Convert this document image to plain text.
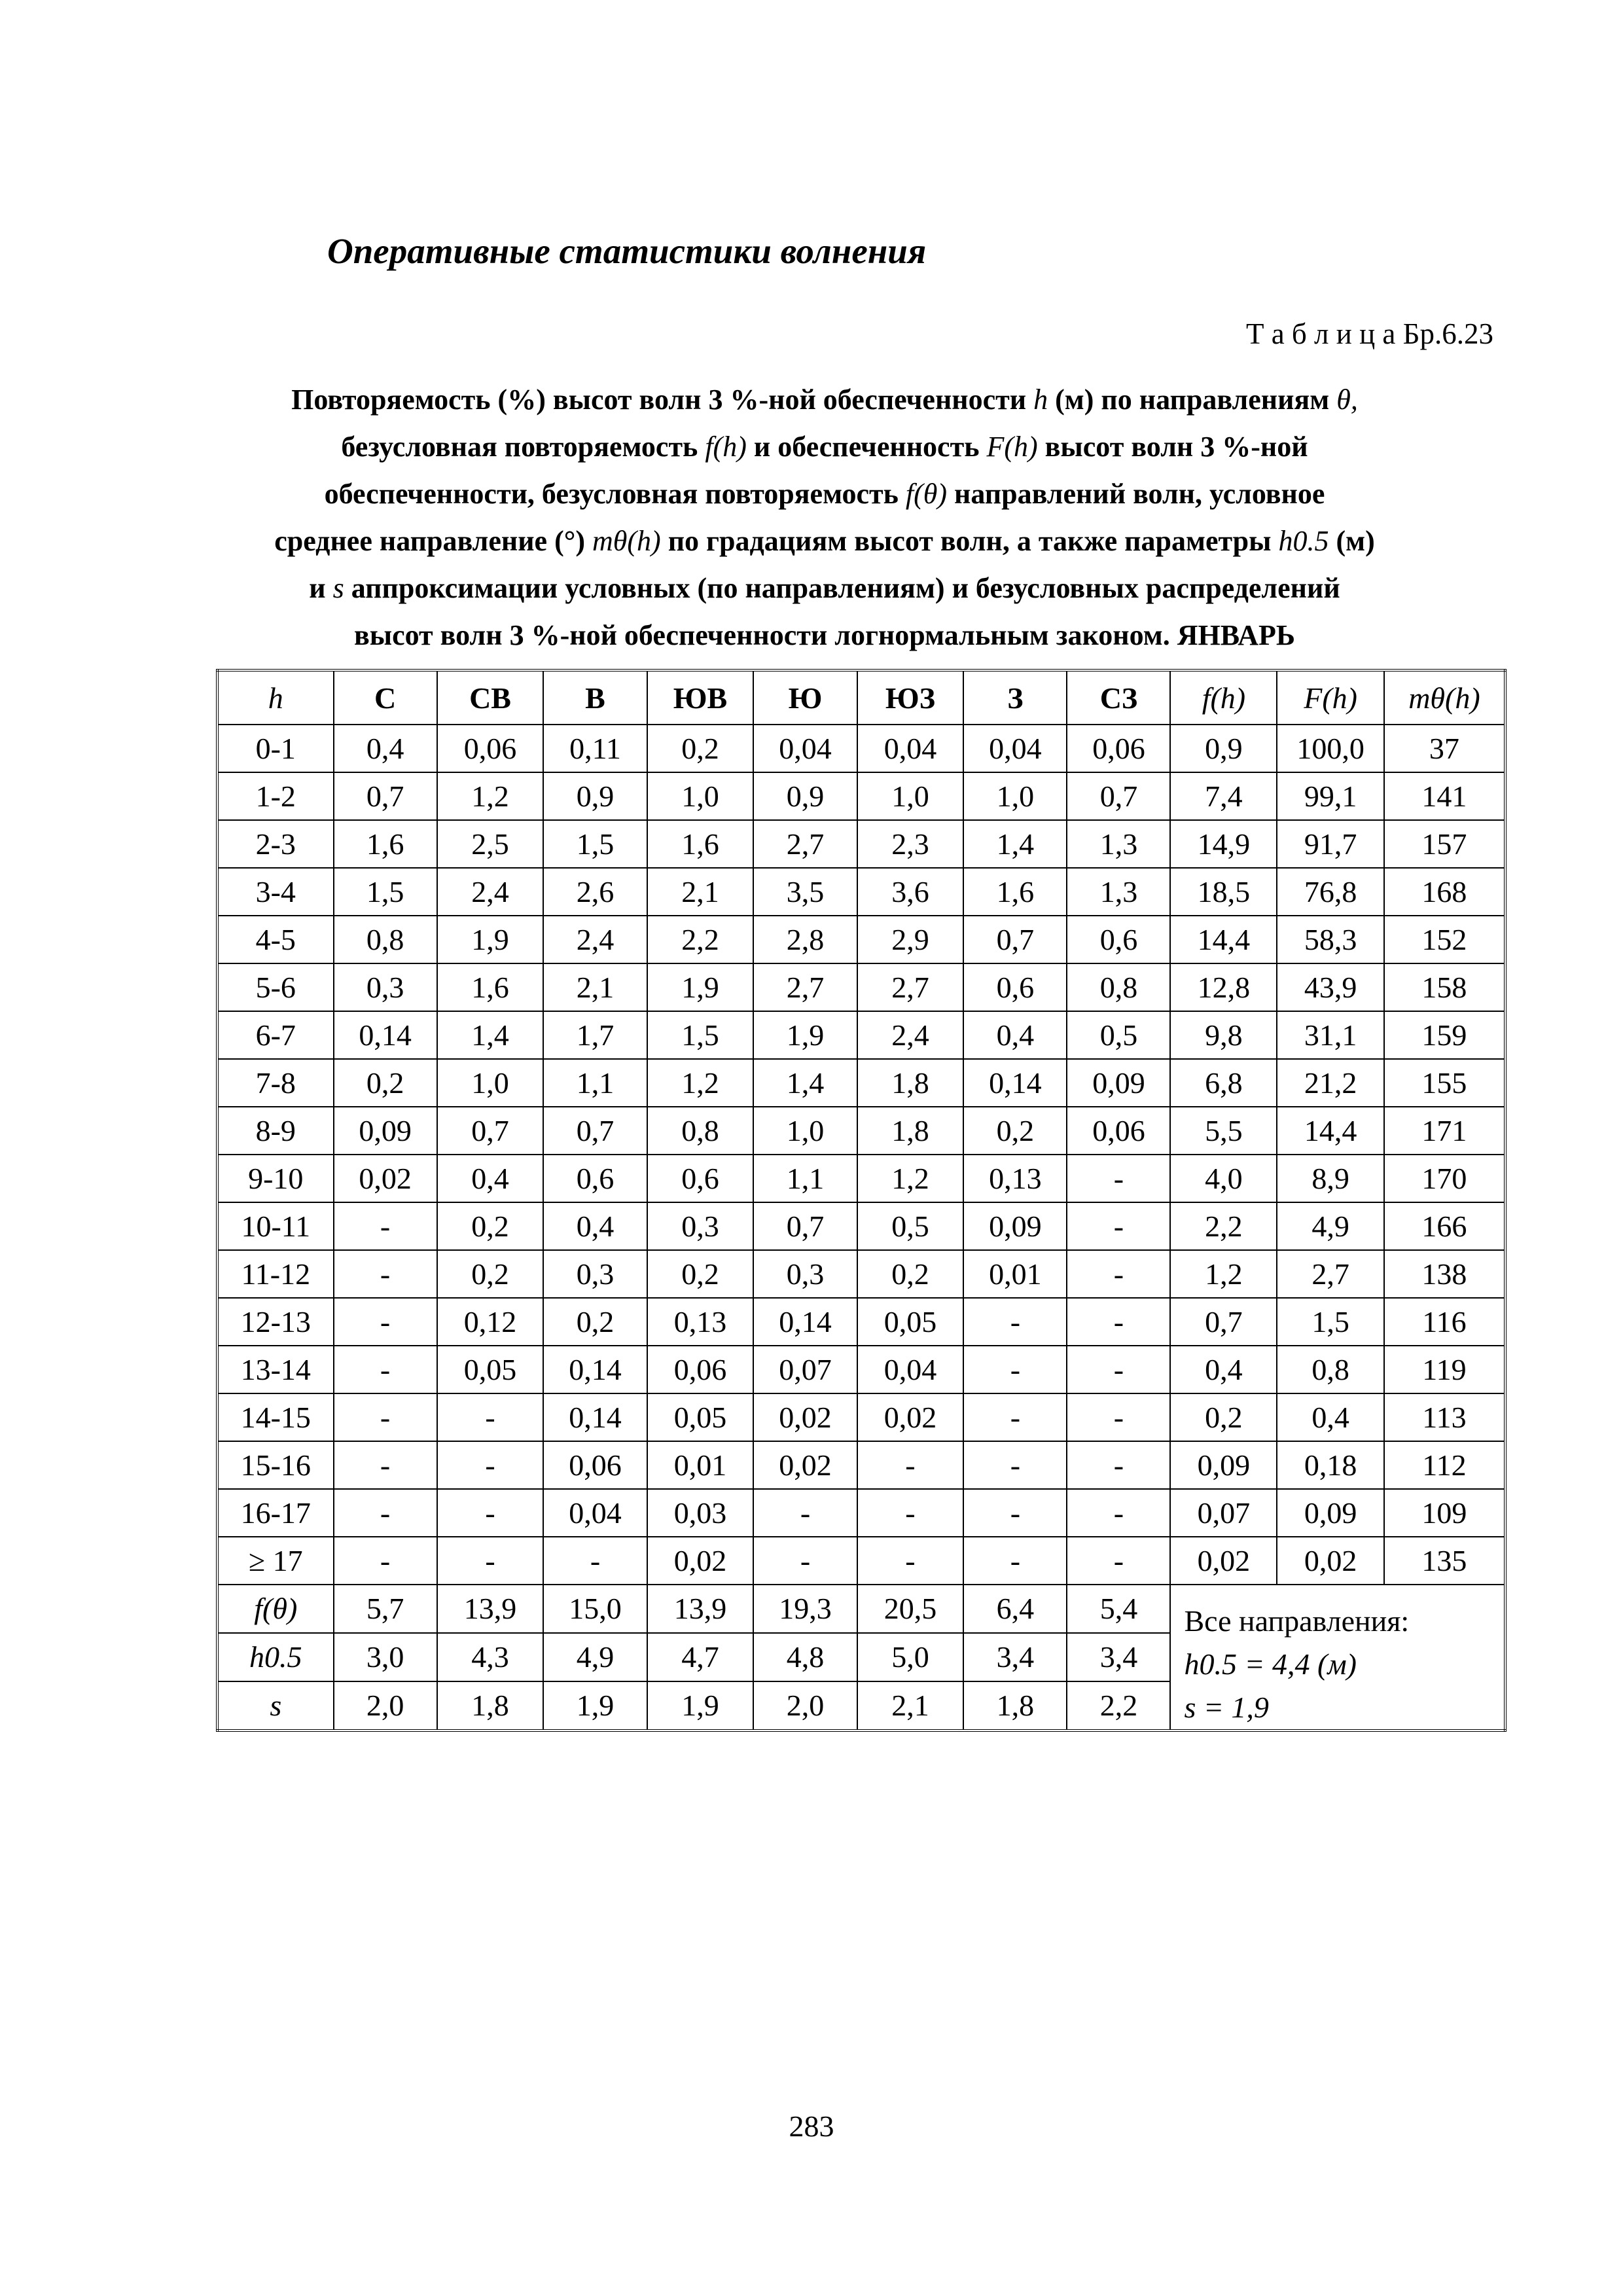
Оперативные статистики волнения
Т а б л и ц а Бр.6.23
Повторяемость (%) высот волн 3 %-ной обеспеченности h (м) по направлениям θ,
безусловная повторяемость f(h) и обеспеченность F(h) высот волн 3 %-ной
обеспеченности, безусловная повторяемость f(θ) направлений волн, условное
среднее направление (°) mθ(h) по градациям высот волн, а также параметры h0.5 (м)
и s аппроксимации условных (по направлениям) и безусловных распределений
высот волн 3 %-ной обеспеченности логнормальным законом. ЯНВАРЬ
h	С	СВ	В	ЮВ	Ю	ЮЗ	З	СЗ	f(h)	F(h)	mθ(h)
0-1	0,4	0,06	0,11	0,2	0,04	0,04	0,04	0,06	0,9	100,0	37
1-2	0,7	1,2	0,9	1,0	0,9	1,0	1,0	0,7	7,4	99,1	141
2-3	1,6	2,5	1,5	1,6	2,7	2,3	1,4	1,3	14,9	91,7	157
3-4	1,5	2,4	2,6	2,1	3,5	3,6	1,6	1,3	18,5	76,8	168
4-5	0,8	1,9	2,4	2,2	2,8	2,9	0,7	0,6	14,4	58,3	152
5-6	0,3	1,6	2,1	1,9	2,7	2,7	0,6	0,8	12,8	43,9	158
6-7	0,14	1,4	1,7	1,5	1,9	2,4	0,4	0,5	9,8	31,1	159
7-8	0,2	1,0	1,1	1,2	1,4	1,8	0,14	0,09	6,8	21,2	155
8-9	0,09	0,7	0,7	0,8	1,0	1,8	0,2	0,06	5,5	14,4	171
9-10	0,02	0,4	0,6	0,6	1,1	1,2	0,13	-	4,0	8,9	170
10-11	-	0,2	0,4	0,3	0,7	0,5	0,09	-	2,2	4,9	166
11-12	-	0,2	0,3	0,2	0,3	0,2	0,01	-	1,2	2,7	138
12-13	-	0,12	0,2	0,13	0,14	0,05	-	-	0,7	1,5	116
13-14	-	0,05	0,14	0,06	0,07	0,04	-	-	0,4	0,8	119
14-15	-	-	0,14	0,05	0,02	0,02	-	-	0,2	0,4	113
15-16	-	-	0,06	0,01	0,02	-	-	-	0,09	0,18	112
16-17	-	-	0,04	0,03	-	-	-	-	0,07	0,09	109
≥ 17	-	-	-	0,02	-	-	-	-	0,02	0,02	135
f(θ)	5,7	13,9	15,0	13,9	19,3	20,5	6,4	5,4	Все направления:
h0.5 = 4,4 (м)
s = 1,9		

h0.5	3,0	4,3	4,9	4,7	4,8	5,0	3,4	3,4			
s	2,0	1,8	1,9	1,9	2,0	2,1	1,8	2,2			
283
